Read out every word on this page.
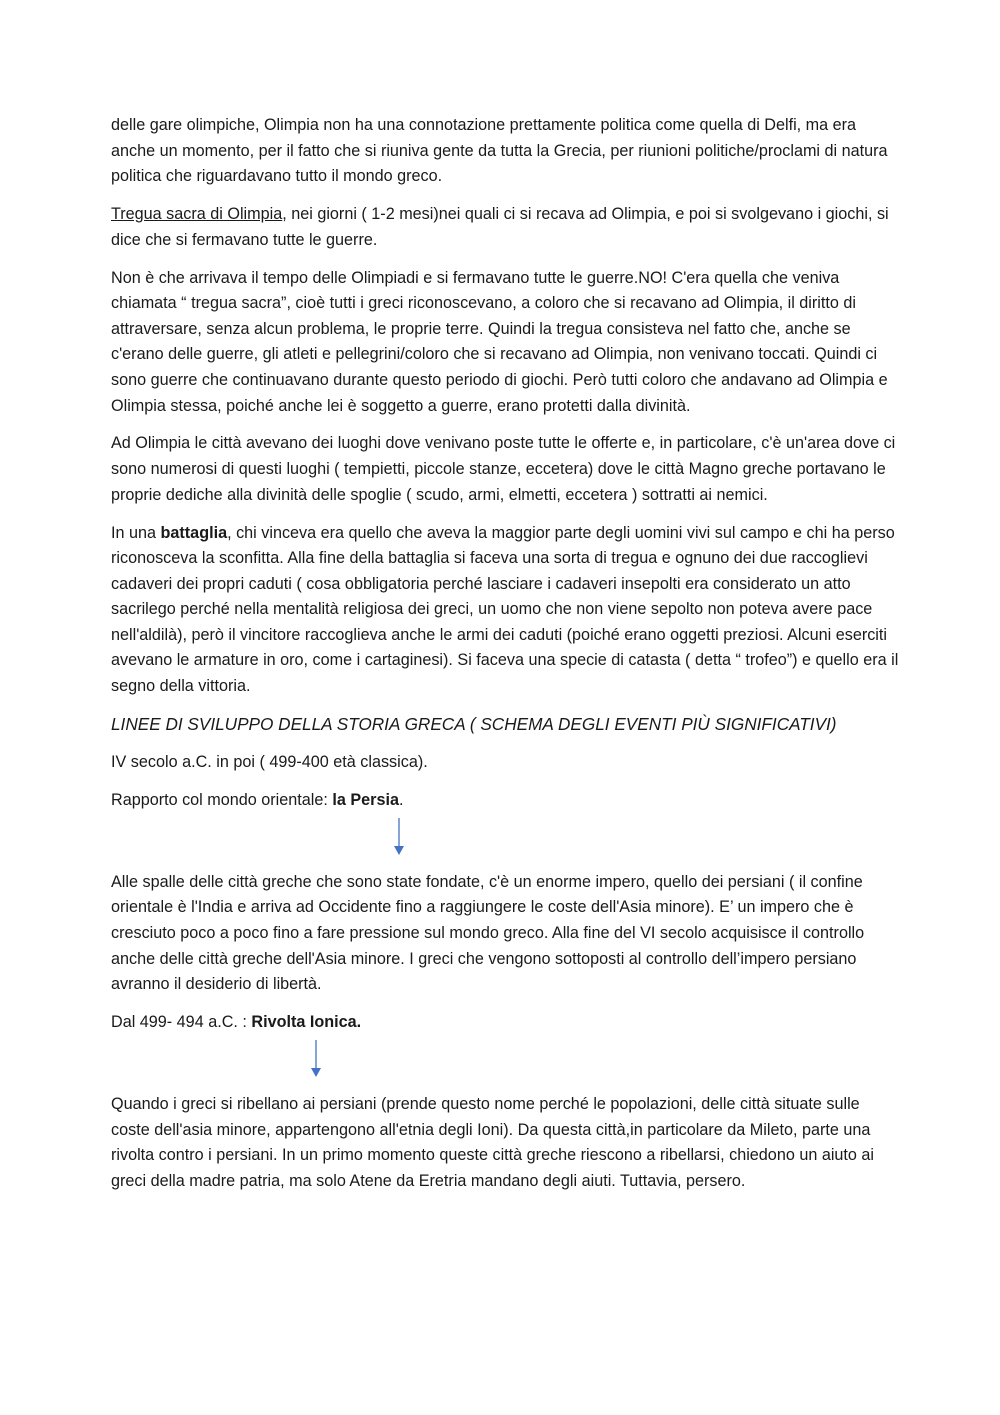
delle gare olimpiche, Olimpia non ha una connotazione prettamente politica come quella di Delfi, ma era anche un momento, per il fatto che si riuniva gente da tutta la Grecia, per riunioni politiche/proclami di natura politica che riguardavano tutto il mondo greco.

Tregua sacra di Olimpia, nei giorni ( 1-2 mesi)nei quali ci si recava ad Olimpia, e poi si svolgevano i giochi, si dice che si fermavano tutte le guerre.

Non è che arrivava il tempo delle Olimpiadi e si fermavano tutte le guerre.NO! C'era quella che veniva chiamata “ tregua sacra”, cioè tutti i greci riconoscevano, a coloro che si recavano ad Olimpia, il diritto di attraversare, senza alcun problema, le proprie terre. Quindi la tregua consisteva nel fatto che, anche se c'erano delle guerre, gli atleti e pellegrini/coloro che si recavano ad Olimpia, non venivano toccati. Quindi ci sono guerre che continuavano durante questo periodo di giochi. Però tutti coloro che andavano ad Olimpia e Olimpia stessa, poiché anche lei è soggetto a guerre, erano protetti dalla divinità.

Ad Olimpia le città avevano dei luoghi dove venivano poste tutte le offerte e, in particolare, c'è un'area dove ci sono numerosi di questi luoghi ( tempietti, piccole stanze, eccetera) dove le città Magno greche portavano le proprie dediche alla divinità delle spoglie ( scudo, armi, elmetti, eccetera ) sottratti ai nemici.

In una battaglia, chi vinceva era quello che aveva la maggior parte degli uomini vivi sul campo e chi ha perso riconosceva la sconfitta. Alla fine della battaglia si faceva una sorta di tregua e ognuno dei due raccoglievi cadaveri dei propri caduti ( cosa obbligatoria perché lasciare i cadaveri insepolti era considerato un atto sacrilego perché nella mentalità religiosa dei greci, un uomo che non viene sepolto non poteva avere pace nell'aldilà), però il vincitore raccoglieva anche le armi dei caduti (poiché erano oggetti preziosi. Alcuni eserciti avevano le armature in oro, come i cartaginesi). Si faceva una specie di catasta ( detta “ trofeo”) e quello era il segno della vittoria.

LINEE DI SVILUPPO DELLA STORIA GRECA ( SCHEMA DEGLI EVENTI PIÙ SIGNIFICATIVI)

IV secolo a.C. in poi ( 499-400 età classica).

Rapporto col mondo orientale: la Persia.

Alle spalle delle città greche che sono state fondate, c'è un enorme impero, quello dei persiani ( il confine orientale è l'India e arriva ad Occidente fino a raggiungere le coste dell'Asia minore). E’ un impero che è cresciuto poco a poco fino a fare pressione sul mondo greco. Alla fine del VI secolo acquisisce il controllo anche delle città greche dell'Asia minore. I greci che vengono sottoposti al controllo dell’impero persiano avranno il desiderio di libertà.

Dal 499- 494 a.C. : Rivolta Ionica.

Quando i greci si ribellano ai persiani (prende questo nome perché le popolazioni, delle città situate sulle coste dell'asia minore, appartengono all'etnia degli Ioni). Da questa città,in particolare da Mileto, parte una rivolta contro i persiani. In un primo momento queste città greche riescono a ribellarsi, chiedono un aiuto ai greci della madre patria, ma solo Atene da Eretria mandano degli aiuti. Tuttavia, persero.
